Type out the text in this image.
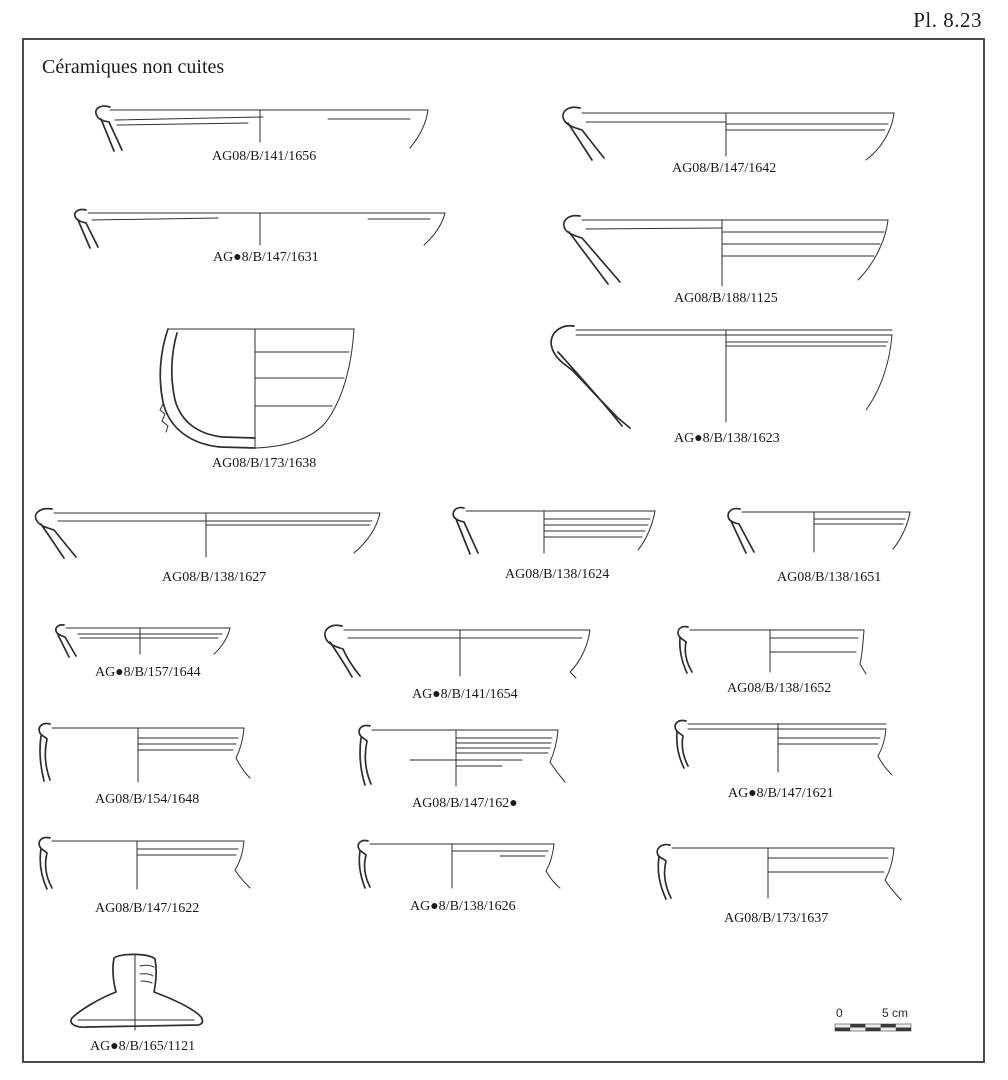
Pl. 8.23
Céramiques non cuites
AG08/B/141/1656
AG08/B/147/1642
AG●8/B/147/1631
AG08/B/188/1125
AG08/B/173/1638
AG●8/B/138/1623
AG08/B/138/1627	AG08/B/138/1624	AG08/B/138/1651
AG●8/B/157/1644
AG●8/B/141/1654	AG08/B/138/1652
AG08/B/154/1648	AG08/B/147/162●
AG●8/B/147/1621
AG08/B/147/1622	AG●8/B/138/1626
AG08/B/173/1637
AG●8/B/165/1121
0	5 cm
